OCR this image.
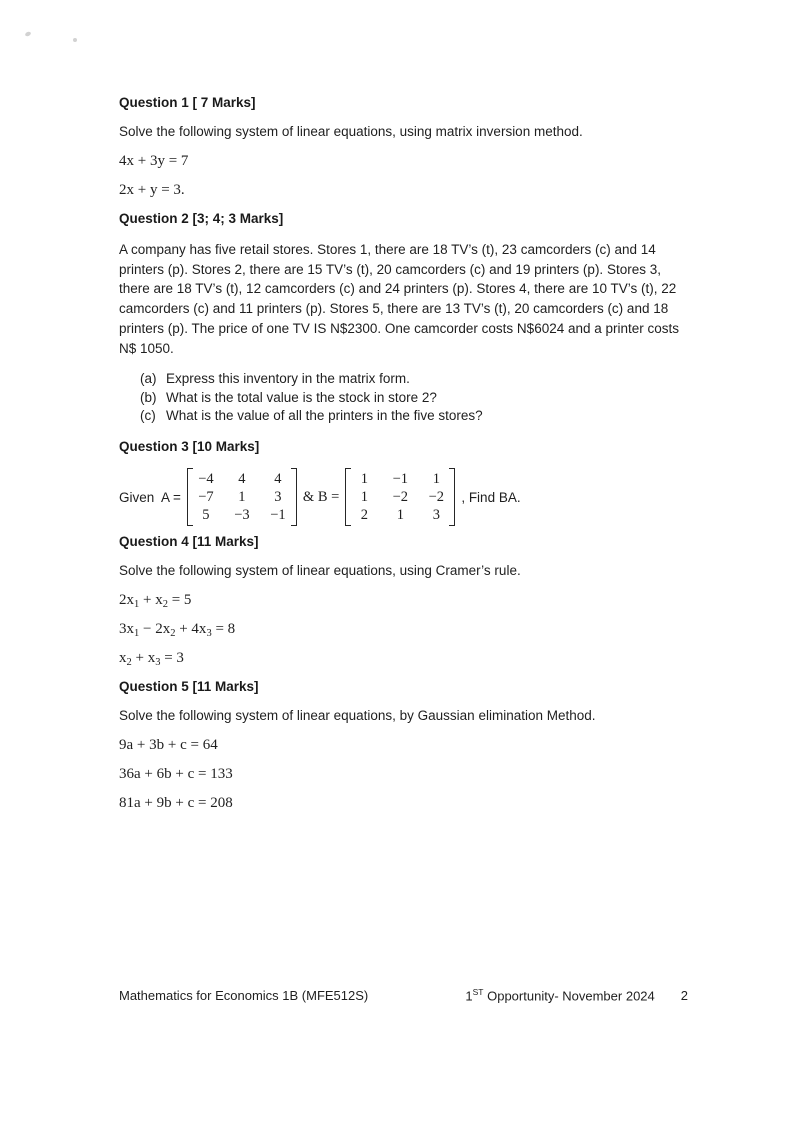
Question 1 [ 7 Marks]

Solve the following system of linear equations, using matrix inversion method.

4x + 3y = 7
2x + y = 3.
Question 2 [3; 4; 3 Marks]
A company has five retail stores. Stores 1, there are 18 TV’s (t), 23 camcorders (c) and 14
printers (p). Stores 2, there are 15 TV’s (t), 20 camcorders (c) and 19 printers (p). Stores 3,
there are 18 TV’s (t), 12 camcorders (c) and 24 printers (p). Stores 4, there are 10 TV’s (t), 22
camcorders (c) and 11 printers (p). Stores 5, there are 13 TV’s (t), 20 camcorders (c) and 18
printers (p). The price of one TV IS N$2300. One camcorder costs N$6024 and a printer costs
N$ 1050.
(a) Express this inventory in the matrix form.
(b) What is the total value is the stock in store 2?
(c) What is the value of all the printers in the five stores?
Question 3 [10 Marks]
Given  A =
−4	4	4
−7	1	3
5	−3 −1
& B =
1	−1	1
1	−2 −2
2	1	3
, Find BA.
Question 4 [11 Marks]

Solve the following system of linear equations, using Cramer’s rule.

$2x_1 + x_2 = 5$
$3x_1 - 2x_2 + 4x_3 = 8$
$x_2 + x_3 = 3$
Question 5 [11 Marks]

Solve the following system of linear equations, by Gaussian elimination Method.

9a + 3b + c = 64
36a + 6b + c = 133
81a + 9b + c = 208
Mathematics for Economics 1B (MFE512S)	1ST Opportunity- November 2024 2
